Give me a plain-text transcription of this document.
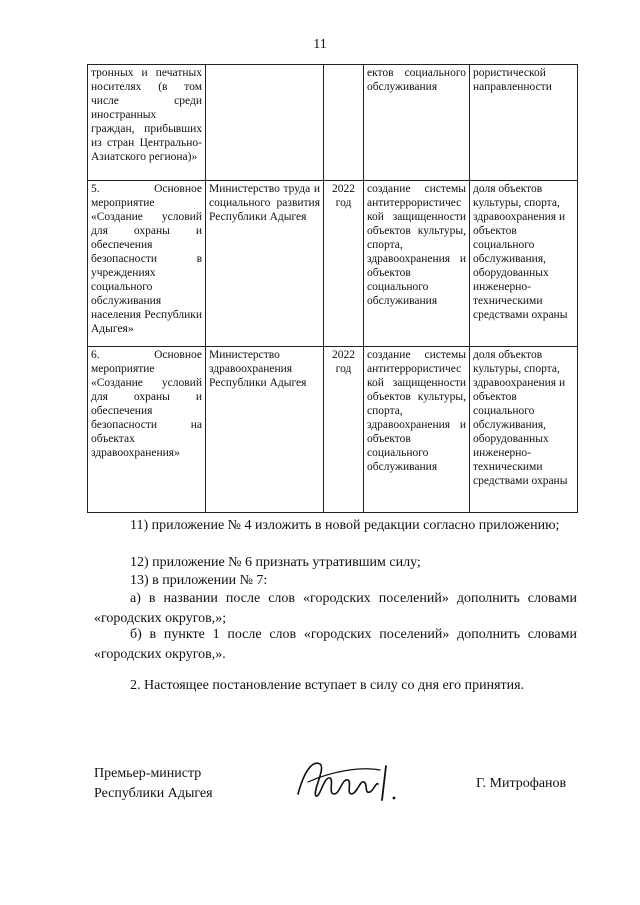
11
тронных и печатных носителях (в том числе среди иностранных граждан, прибывших из стран Центрально-Азиатского региона)»			ектов социального обслуживания	рористической направленности
5. Основное мероприятие «Создание условий для охраны и обеспечения безопасности в учреждениях социального обслуживания населения Республики Адыгея»	Министерство труда и социального развития Республики Адыгея	2022 год	создание системы антитеррористической защищенности объектов культуры, спорта, здравоохранения и объектов социального обслуживания	доля объектов культуры, спорта, здравоохранения и объектов социального обслуживания, оборудованных инженерно-техническими средствами охраны
6. Основное мероприятие «Создание условий для охраны и обеспечения безопасности на объектах здравоохранения»	Министерство здравоохранения Республики Адыгея	2022 год	создание системы антитеррористической защищенности объектов культуры, спорта, здравоохранения и объектов социального обслуживания	доля объектов культуры, спорта, здравоохранения и объектов социального обслуживания, оборудованных инженерно-техническими средствами охраны
11) приложение № 4 изложить в новой редакции согласно приложению;
12) приложение № 6 признать утратившим силу;
13) в приложении № 7:
а) в названии после слов «городских поселений» дополнить словами «городских округов,»;
б) в пункте 1 после слов «городских поселений» дополнить словами «городских округов,».
2. Настоящее постановление вступает в силу со дня его принятия.
Премьер-министр
Республики Адыгея
Г. Митрофанов
